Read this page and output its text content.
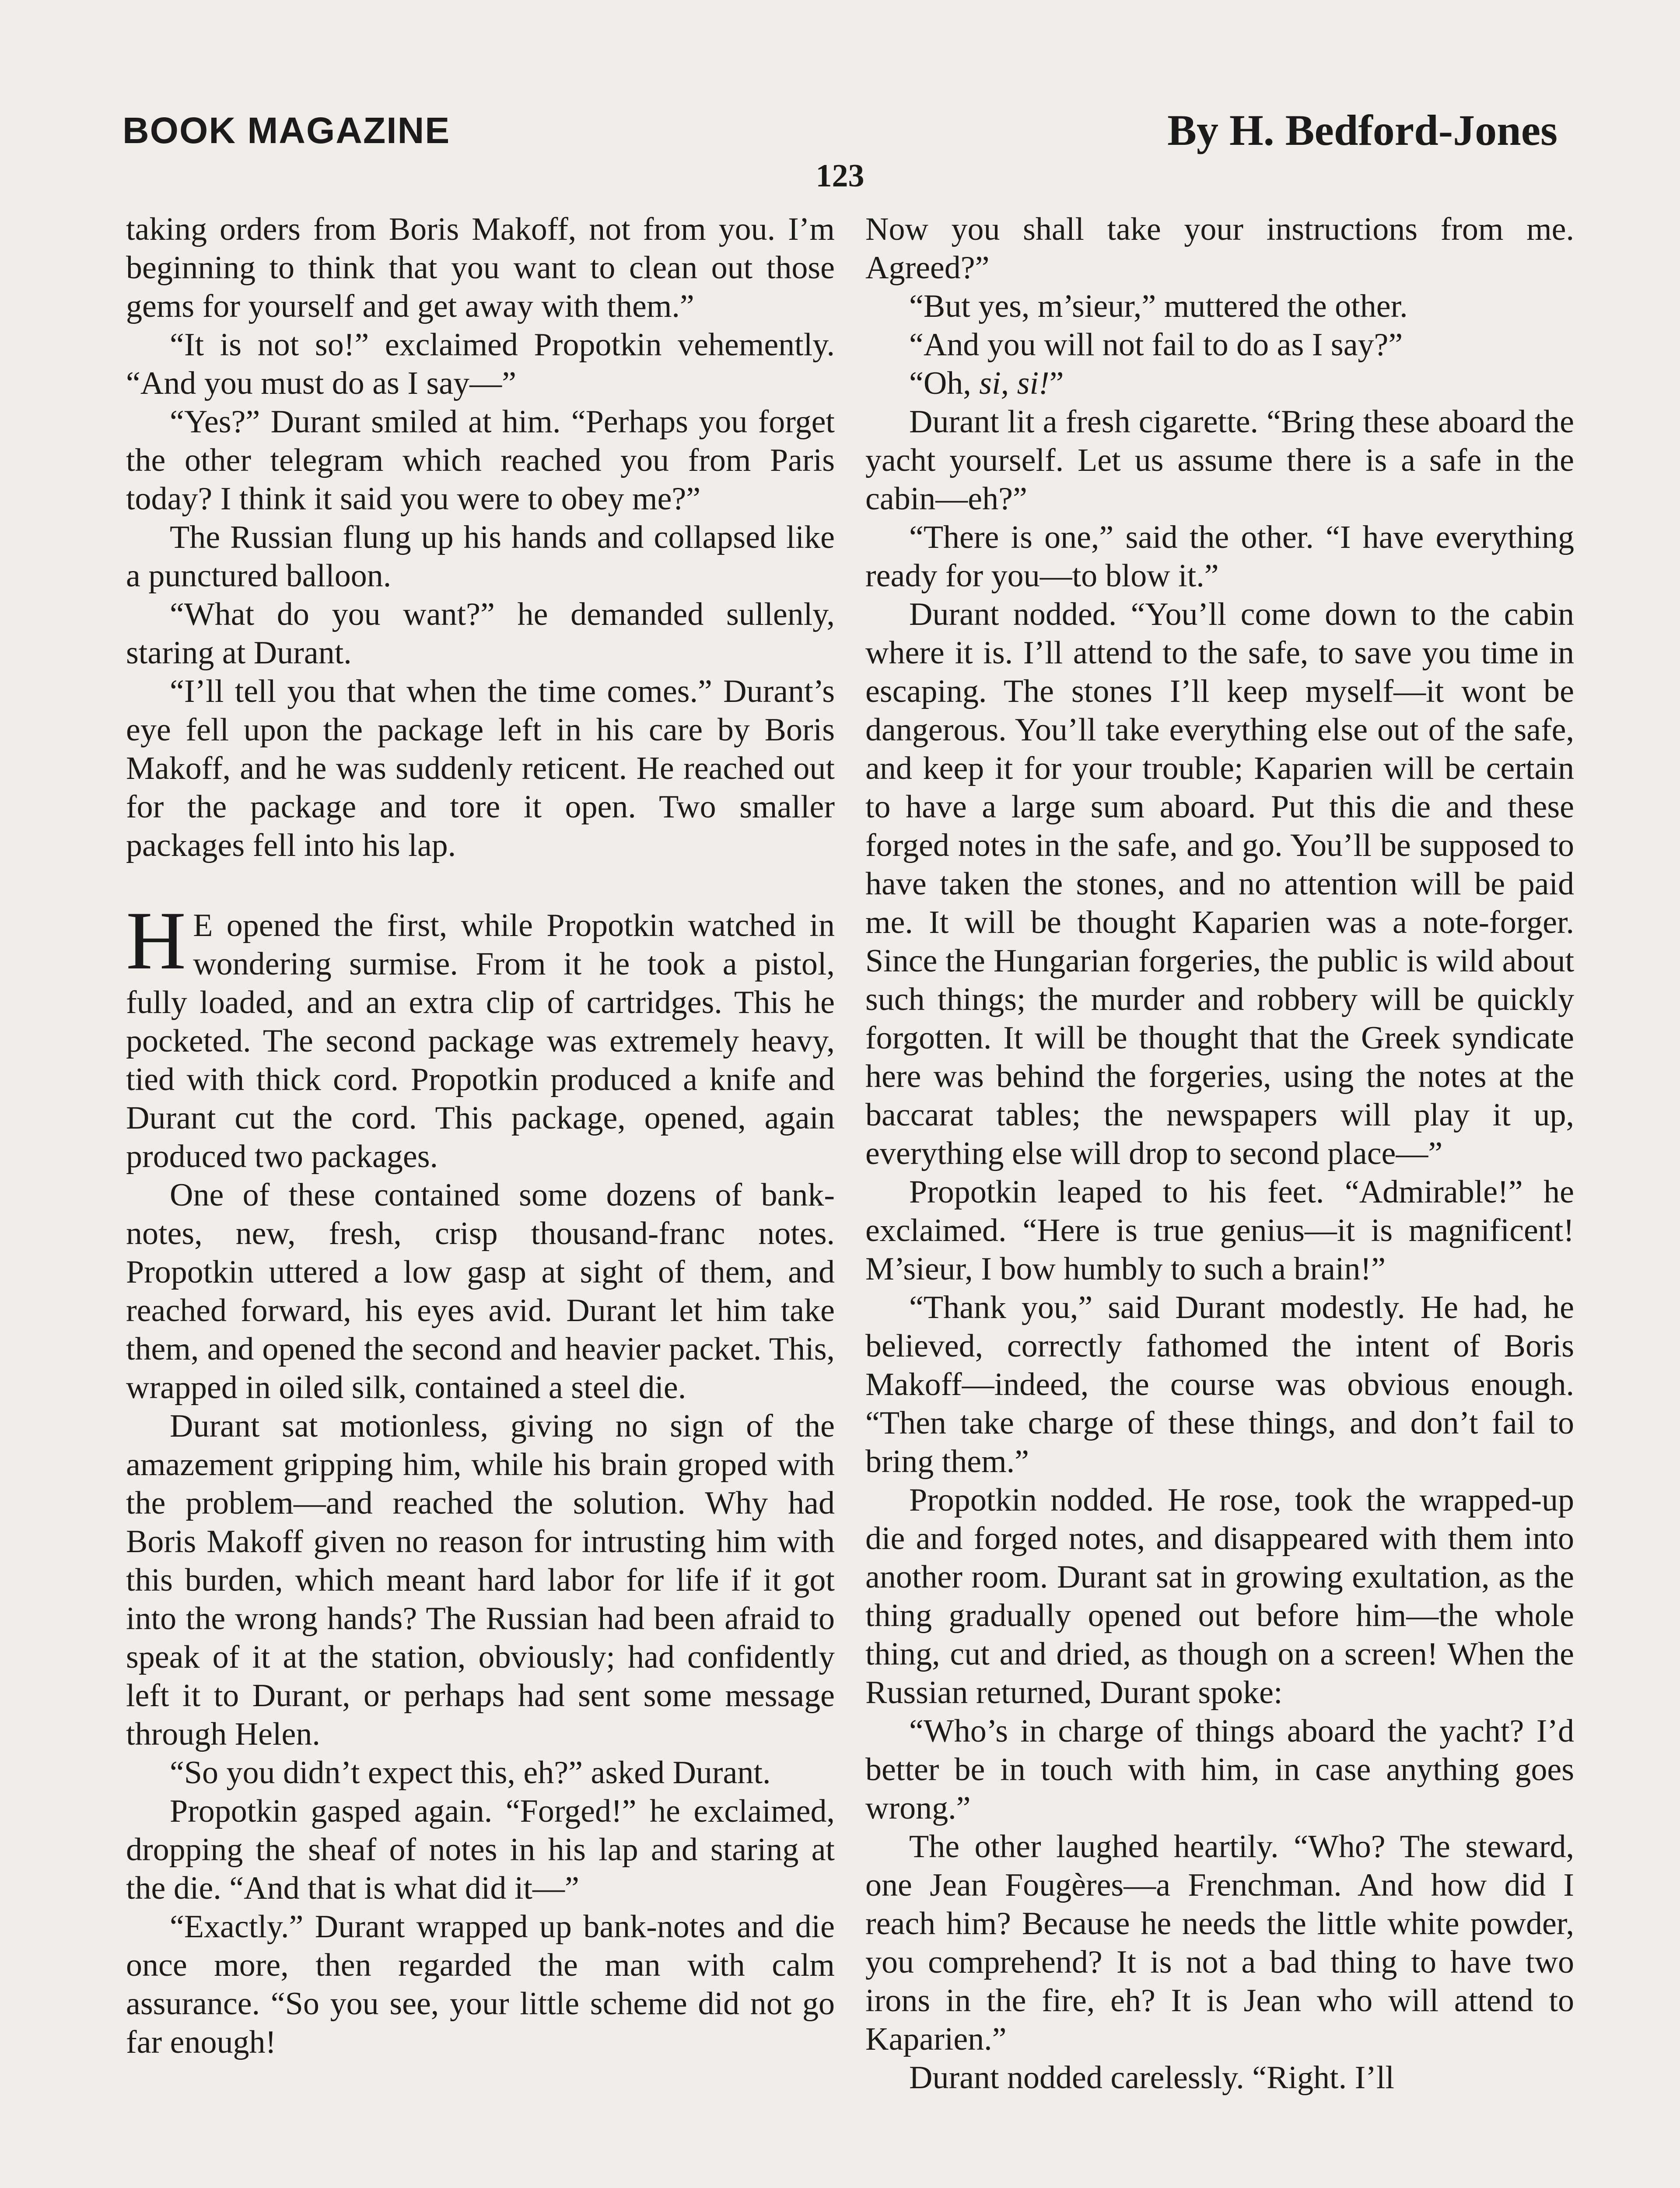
BOOK MAGAZINE	By H. Bedford-Jones
123

taking orders from Boris Makoff, not from you. I’m beginning to think that you want to clean out those gems for yourself and get away with them.”

“It is not so!” exclaimed Propotkin vehemently. “And you must do as I say—”

“Yes?” Durant smiled at him. “Perhaps you forget the other telegram which reached you from Paris today? I think it said you were to obey me?”

The Russian flung up his hands and collapsed like a punctured balloon.

“What do you want?” he demanded sullenly, staring at Durant.

“I’ll tell you that when the time comes.” Durant’s eye fell upon the package left in his care by Boris Makoff, and he was suddenly reticent. He reached out for the package and tore it open. Two smaller packages fell into his lap.

H E opened the first, while Propotkin watched in wondering surmise. From it he took a pistol, fully loaded, and an extra clip of cartridges. This he pocketed. The second package was extremely heavy, tied with thick cord. Propotkin produced a knife and Durant cut the cord. This package, opened, again produced two packages.

One of these contained some dozens of bank-notes, new, fresh, crisp thousand-franc notes. Propotkin uttered a low gasp at sight of them, and reached forward, his eyes avid. Durant let him take them, and opened the second and heavier packet. This, wrapped in oiled silk, contained a steel die.

Durant sat motionless, giving no sign of the amazement gripping him, while his brain groped with the problem—and reached the solution. Why had Boris Makoff given no reason for intrusting him with this burden, which meant hard labor for life if it got into the wrong hands? The Russian had been afraid to speak of it at the station, obviously; had confidently left it to Durant, or perhaps had sent some message through Helen.

“So you didn’t expect this, eh?” asked Durant.

Propotkin gasped again. “Forged!” he exclaimed, dropping the sheaf of notes in his lap and staring at the die. “And that is what did it—”

“Exactly.” Durant wrapped up bank-notes and die once more, then regarded the man with calm assurance. “So you see, your little scheme did not go far enough!

Now you shall take your instructions from me. Agreed?”

“But yes, m’sieur,” muttered the other.

“And you will not fail to do as I say?”

“Oh, si, si!”

Durant lit a fresh cigarette. “Bring these aboard the yacht yourself. Let us assume there is a safe in the cabin—eh?”

“There is one,” said the other. “I have everything ready for you—to blow it.”

Durant nodded. “You’ll come down to the cabin where it is. I’ll attend to the safe, to save you time in escaping. The stones I’ll keep myself—it wont be dangerous. You’ll take everything else out of the safe, and keep it for your trouble; Kaparien will be certain to have a large sum aboard. Put this die and these forged notes in the safe, and go. You’ll be supposed to have taken the stones, and no attention will be paid me. It will be thought Kaparien was a note-forger. Since the Hungarian forgeries, the public is wild about such things; the murder and robbery will be quickly forgotten. It will be thought that the Greek syndicate here was behind the forgeries, using the notes at the baccarat tables; the newspapers will play it up, everything else will drop to second place—”

Propotkin leaped to his feet. “Admirable!” he exclaimed. “Here is true genius—it is magnificent! M’sieur, I bow humbly to such a brain!”

“Thank you,” said Durant modestly. He had, he believed, correctly fathomed the intent of Boris Makoff—indeed, the course was obvious enough. “Then take charge of these things, and don’t fail to bring them.”

Propotkin nodded. He rose, took the wrapped-up die and forged notes, and disappeared with them into another room. Durant sat in growing exultation, as the thing gradually opened out before him—the whole thing, cut and dried, as though on a screen! When the Russian returned, Durant spoke:

“Who’s in charge of things aboard the yacht? I’d better be in touch with him, in case anything goes wrong.”

The other laughed heartily. “Who? The steward, one Jean Fougères—a Frenchman. And how did I reach him? Because he needs the little white powder, you comprehend? It is not a bad thing to have two irons in the fire, eh? It is Jean who will attend to Kaparien.”

Durant nodded carelessly. “Right. I’ll
